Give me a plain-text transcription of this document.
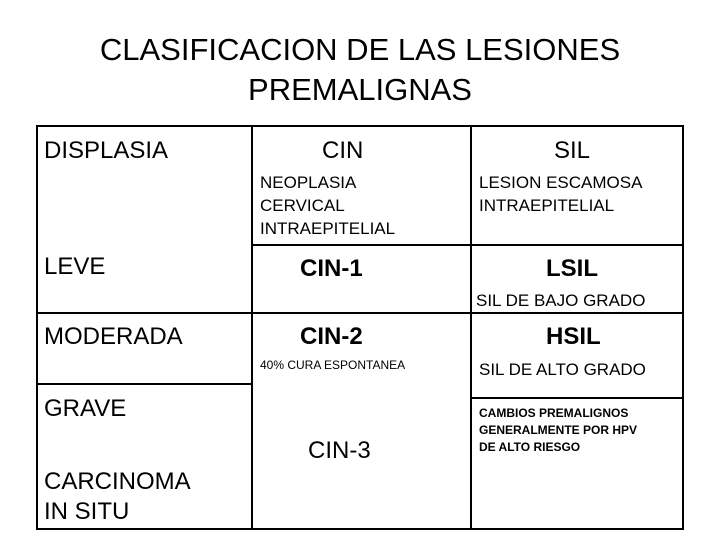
CLASIFICACION DE LAS LESIONES
PREMALIGNAS
DISPLASIA
LEVE
MODERADA
GRAVE
CARCINOMA
IN SITU
CIN
NEOPLASIA
CERVICAL
INTRAEPITELIAL
CIN-1
CIN-2
40% CURA ESPONTANEA
CIN-3
SIL
LESION ESCAMOSA
INTRAEPITELIAL
LSIL
SIL DE BAJO GRADO
HSIL
SIL DE ALTO GRADO
CAMBIOS PREMALIGNOS
GENERALMENTE POR HPV
DE ALTO RIESGO
